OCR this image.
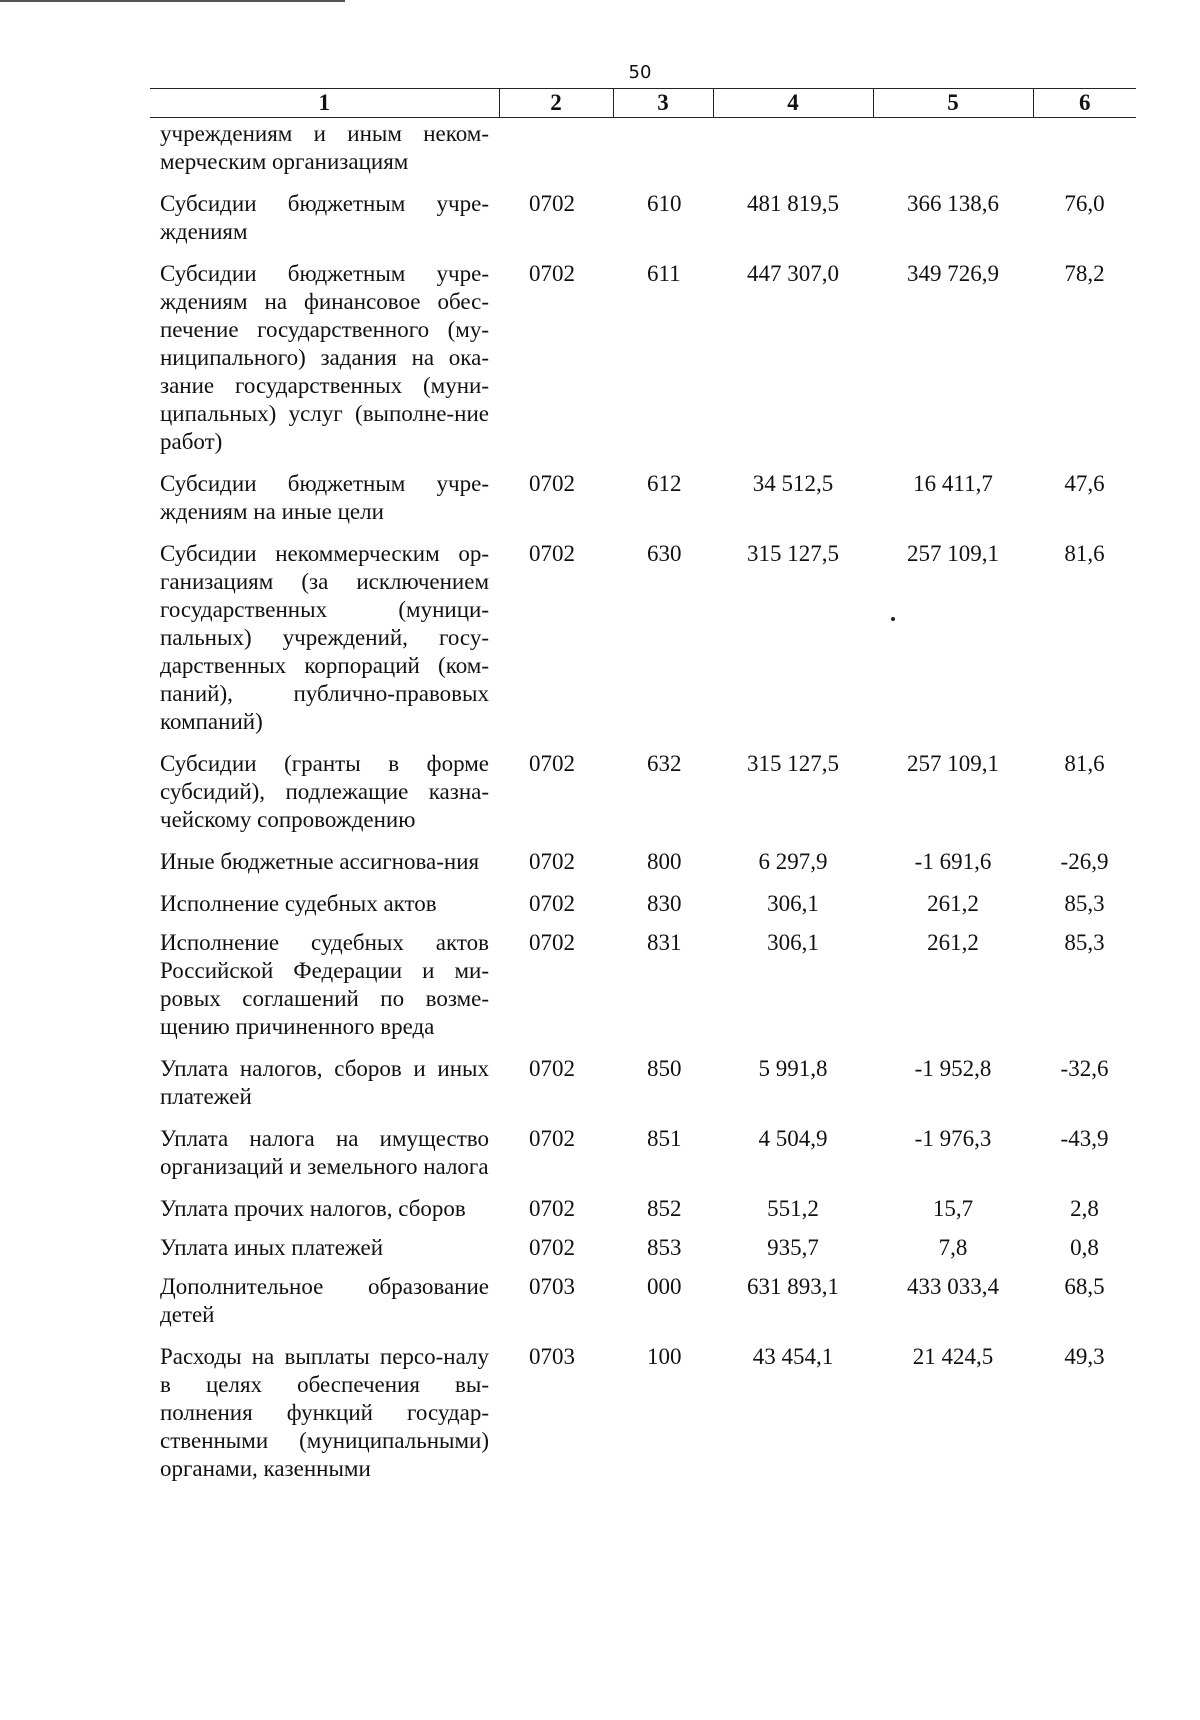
50
1	2	3	4	5	6
учреждениям и иным неком-мерческим организациям					
Субсидии бюджетным учре-ждениям	0702	610	481 819,5	366 138,6	76,0
Субсидии бюджетным учре-ждениям на финансовое обес-печение государственного (му-ниципального) задания на ока-зание государственных (муни-ципальных) услуг (выполне-ние работ)	0702	611	447 307,0	349 726,9	78,2
Субсидии бюджетным учре-ждениям на иные цели	0702	612	34 512,5	16 411,7	47,6
Субсидии некоммерческим ор-ганизациям (за исключением государственных (муници-пальных) учреждений, госу-дарственных корпораций (ком-паний), публично-правовых компаний)	0702	630	315 127,5	257 109,1	81,6
Субсидии (гранты в форме субсидий), подлежащие казна-чейскому сопровождению	0702	632	315 127,5	257 109,1	81,6
Иные бюджетные ассигнова-ния	0702	800	6 297,9	-1 691,6	-26,9
Исполнение судебных актов	0702	830	306,1	261,2	85,3
Исполнение судебных актов Российской Федерации и ми-ровых соглашений по возме-щению причиненного вреда	0702	831	306,1	261,2	85,3
Уплата налогов, сборов и иных платежей	0702	850	5 991,8	-1 952,8	-32,6
Уплата налога на имущество организаций и земельного налога	0702	851	4 504,9	-1 976,3	-43,9
Уплата прочих налогов, сборов	0702	852	551,2	15,7	2,8
Уплата иных платежей	0702	853	935,7	7,8	0,8
Дополнительное образование детей	0703	000	631 893,1	433 033,4	68,5
Расходы на выплаты персо-налу в целях обеспечения вы-полнения функций государ-ственными (муниципальными) органами, казенными	0703	100	43 454,1	21 424,5	49,3
